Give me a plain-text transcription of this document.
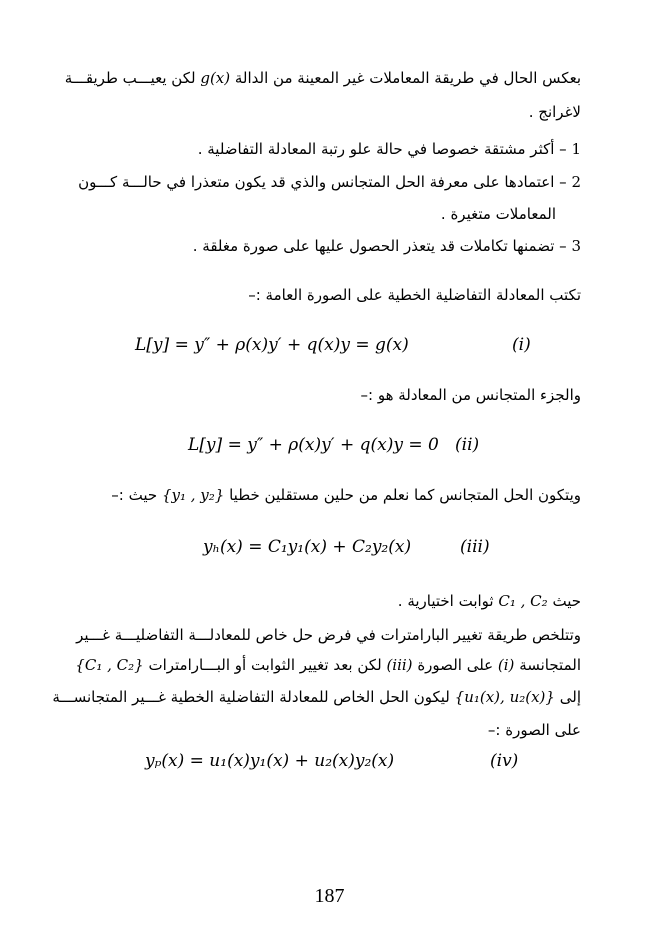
بعكس الحال في طريقة المعاملات غير المعينة من الدالة g(x) لكن يعيـــب طريقـــة
لاغرانج .
1 – أكثر مشتقة خصوصا في حالة علو رتبة المعادلة التفاضلية .
2 – اعتمادها على معرفة الحل المتجانس والذي قد يكون متعذرا في حالـــة كـــون
المعاملات متغيرة .
3 – تضمنها تكاملات قد يتعذر الحصول عليها على صورة مغلقة .
تكتب المعادلة التفاضلية الخطية على الصورة العامة :–
L[y] = y″ + ρ(x)y′ + q(x)y = g(x)	(i)
والجزء المتجانس من المعادلة هو :–
L[y] = y″ + ρ(x)y′ + q(x)y = 0 (ii)
ويتكون الحل المتجانس كما نعلم من حلين مستقلين خطيا {y₁ , y₂} حيث :–
yₕ(x) = C₁y₁(x) + C₂y₂(x)	(iii)
حيث C₁ , C₂ ثوابت اختيارية .
وتتلخص طريقة تغيير البارامترات في فرض حل خاص للمعادلـــة التفاضليـــة غـــير
المتجانسة (i) على الصورة (iii) لكن بعد تغيير الثوابت أو البـــارامترات {C₁ , C₂}
إلى {u₁(x), u₂(x)} ليكون الحل الخاص للمعادلة التفاضلية الخطية غـــير المتجانســـة
على الصورة :–
yₚ(x) = u₁(x)y₁(x) + u₂(x)y₂(x)	(iv)
187
